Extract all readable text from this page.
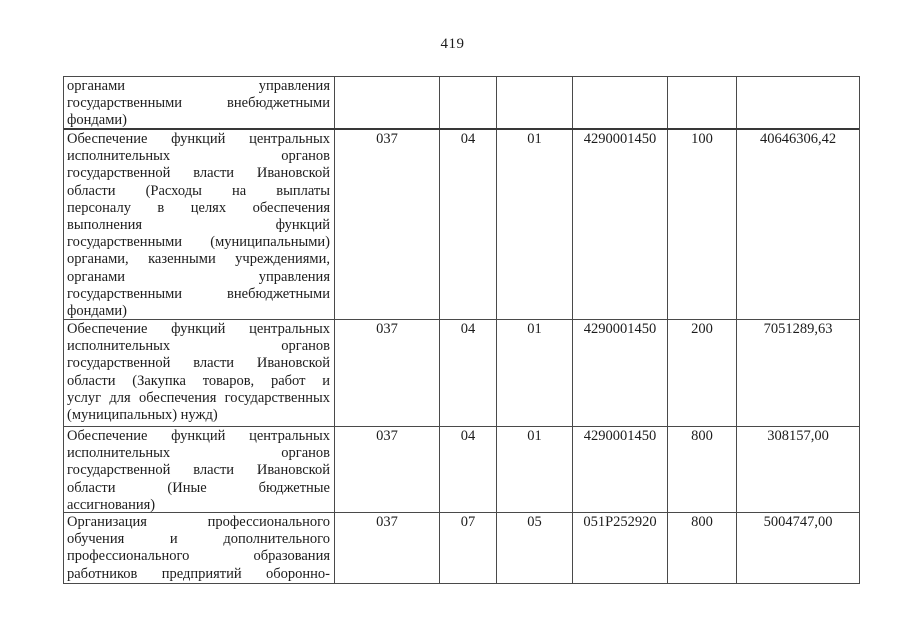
419
органами управления
государственными внебюджетными
фондами)
Обеспечение функций центральных
исполнительных органов
государственной власти Ивановской
области (Расходы на выплаты
персоналу в целях обеспечения
выполнения функций
государственными (муниципальными)
органами, казенными учреждениями,
органами управления
государственными внебюджетными
фондами)
037	04	01	4290001450	100	40646306,42
Обеспечение функций центральных
исполнительных органов
государственной власти Ивановской
области (Закупка товаров, работ и
услуг для обеспечения государственных
(муниципальных) нужд)
037	04	01	4290001450	200	7051289,63
Обеспечение функций центральных
исполнительных органов
государственной власти Ивановской
области (Иные бюджетные
ассигнования)
037	04	01	4290001450	800	308157,00
Организация профессионального
обучения и дополнительного
профессионального образования
работников предприятий оборонно-
037	07	05	051Р252920	800	5004747,00
